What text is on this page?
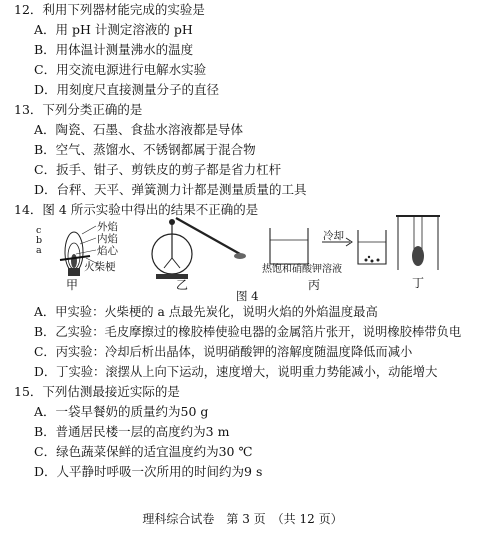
12．利用下列器材能完成的实验是
A．用 pH 计测定溶液的 pH
B．用体温计测量沸水的温度
C．用交流电源进行电解水实验
D．用刻度尺直接测量分子的直径
13．下列分类正确的是
A．陶瓷、石墨、食盐水溶液都是导体
B．空气、蒸馏水、不锈钢都属于混合物
C．扳手、钳子、剪铁皮的剪子都是省力杠杆
D．台秤、天平、弹簧测力计都是测量质量的工具
14．图 4 所示实验中得出的结果不正确的是
外焰
内焰
焰心
c
b
a
火柴梗
甲	乙
冷却
热饱和硝酸钾溶液
丙	丁
图 4
A．甲实验：火柴梗的 a 点最先炭化，说明火焰的外焰温度最高
B．乙实验：毛皮摩擦过的橡胶棒使验电器的金属箔片张开，说明橡胶棒带负电
C．丙实验：冷却后析出晶体，说明硝酸钾的溶解度随温度降低而减小
D．丁实验：滚摆从上向下运动，速度增大，说明重力势能减小，动能增大
15．下列估测最接近实际的是
A．一袋早餐奶的质量约为50 g
B．普通居民楼一层的高度约为3 m
C．绿色蔬菜保鲜的适宜温度约为30 ℃
D．人平静时呼吸一次所用的时间约为9 s
理科综合试卷　第 3 页　（共 12 页）
